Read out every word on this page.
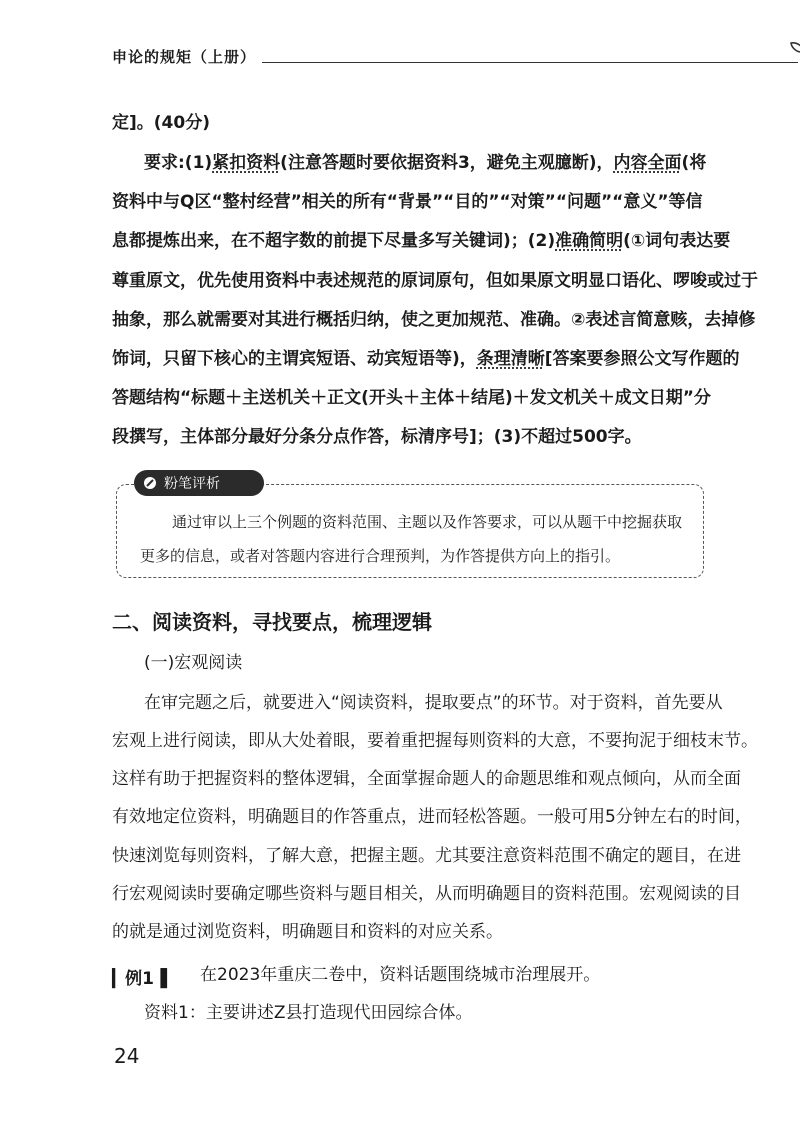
申论的规矩（上册）
定]。(40分)
要求:(1)紧扣资料(注意答题时要依据资料3，避免主观臆断)，内容全面(将
资料中与Q区“整村经营”相关的所有“背景”“目的”“对策”“问题”“意义”等信
息都提炼出来，在不超字数的前提下尽量多写关键词)；(2)准确简明(①词句表达要
尊重原文，优先使用资料中表述规范的原词原句，但如果原文明显口语化、啰唆或过于
抽象，那么就需要对其进行概括归纳，使之更加规范、准确。②表述言简意赅，去掉修
饰词，只留下核心的主谓宾短语、动宾短语等)，条理清晰[答案要参照公文写作题的
答题结构“标题＋主送机关＋正文(开头＋主体＋结尾)＋发文机关＋成文日期”分
段撰写，主体部分最好分条分点作答，标清序号]；(3)不超过500字。
粉笔评析
通过审以上三个例题的资料范围、主题以及作答要求，可以从题干中挖掘获取
更多的信息，或者对答题内容进行合理预判，为作答提供方向上的指引。
二、阅读资料，寻找要点，梳理逻辑
(一)宏观阅读
在审完题之后，就要进入“阅读资料，提取要点”的环节。对于资料，首先要从
宏观上进行阅读，即从大处着眼，要着重把握每则资料的大意，不要拘泥于细枝末节。
这样有助于把握资料的整体逻辑，全面掌握命题人的命题思维和观点倾向，从而全面
有效地定位资料，明确题目的作答重点，进而轻松答题。一般可用5分钟左右的时间，
快速浏览每则资料，了解大意，把握主题。尤其要注意资料范围不确定的题目，在进
行宏观阅读时要确定哪些资料与题目相关，从而明确题目的资料范围。宏观阅读的目
的就是通过浏览资料，明确题目和资料的对应关系。
▎例1▐ 在2023年重庆二卷中，资料话题围绕城市治理展开。
资料1：主要讲述Z县打造现代田园综合体。
24
